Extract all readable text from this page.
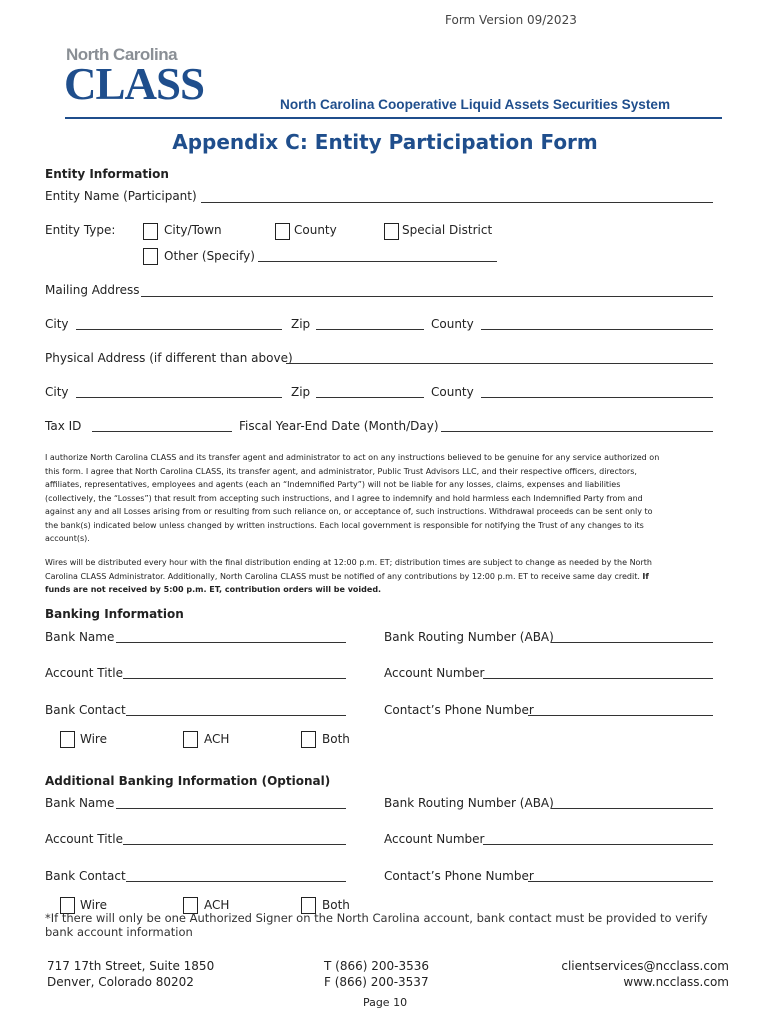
Form Version 09/2023
North Carolina
CLASS	North Carolina Cooperative Liquid Assets Securities System
Appendix C: Entity Participation Form
Entity Information
Entity Name (Participant)
Entity Type:	City/Town	County	Special District
Other (Specify)
Mailing Address
City	Zip	County
Physical Address (if different than above)
City	Zip	County
Tax ID	Fiscal Year-End Date (Month/Day)
I authorize North Carolina CLASS and its transfer agent and administrator to act on any instructions believed to be genuine for any service authorized on
this form. I agree that North Carolina CLASS, its transfer agent, and administrator, Public Trust Advisors LLC, and their respective officers, directors,
affiliates, representatives, employees and agents (each an “Indemnified Party”) will not be liable for any losses, claims, expenses and liabilities
(collectively, the “Losses”) that result from accepting such instructions, and I agree to indemnify and hold harmless each Indemnified Party from and
against any and all Losses arising from or resulting from such reliance on, or acceptance of, such instructions. Withdrawal proceeds can be sent only to
the bank(s) indicated below unless changed by written instructions. Each local government is responsible for notifying the Trust of any changes to its
account(s).
Wires will be distributed every hour with the final distribution ending at 12:00 p.m. ET; distribution times are subject to change as needed by the North
Carolina CLASS Administrator. Additionally, North Carolina CLASS must be notified of any contributions by 12:00 p.m. ET to receive same day credit. If
funds are not received by 5:00 p.m. ET, contribution orders will be voided.
Banking Information
Bank Name	Bank Routing Number (ABA)
Account Title	Account Number
Bank Contact	Contact’s Phone Number
Wire	ACH	Both
Additional Banking Information (Optional)
Bank Name	Bank Routing Number (ABA)
Account Title	Account Number
Bank Contact	Contact’s Phone Number
Wire	ACH	Both
*If there will only be one Authorized Signer on the North Carolina account, bank contact must be provided to verify
bank account information
717 17th Street, Suite 1850
Denver, Colorado 80202
T (866) 200-3536
F (866) 200-3537
clientservices@ncclass.com
www.ncclass.com
Page 10
